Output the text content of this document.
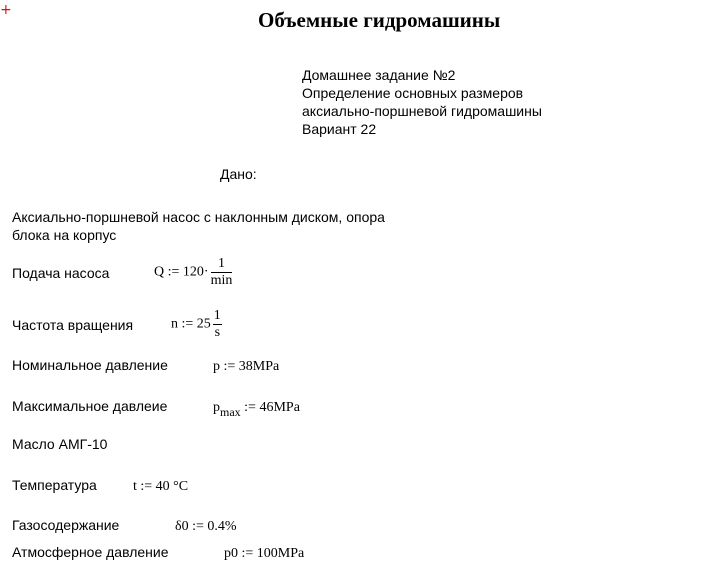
+	Объемные гидромашины
Домашнее задание №2
Определение основных размеров
аксиально-поршневой гидромашины
Вариант 22
Дано:
Аксиально-поршневой насос с наклонным диском, опора
блока на корпус
Подача насоса	Q := $120\cdot \frac{1}{\min}$
Частота вращения	n := $25 \frac{1}{s}$
Номинальное давление	p := 38MPa
Максимальное давлеие	pmax := 46MPa
Масло АМГ-10
Температура	t := 40 °C
Газосодержание	δ0 := 0.4%
Атмосферное давление	p0 := 100MPa
